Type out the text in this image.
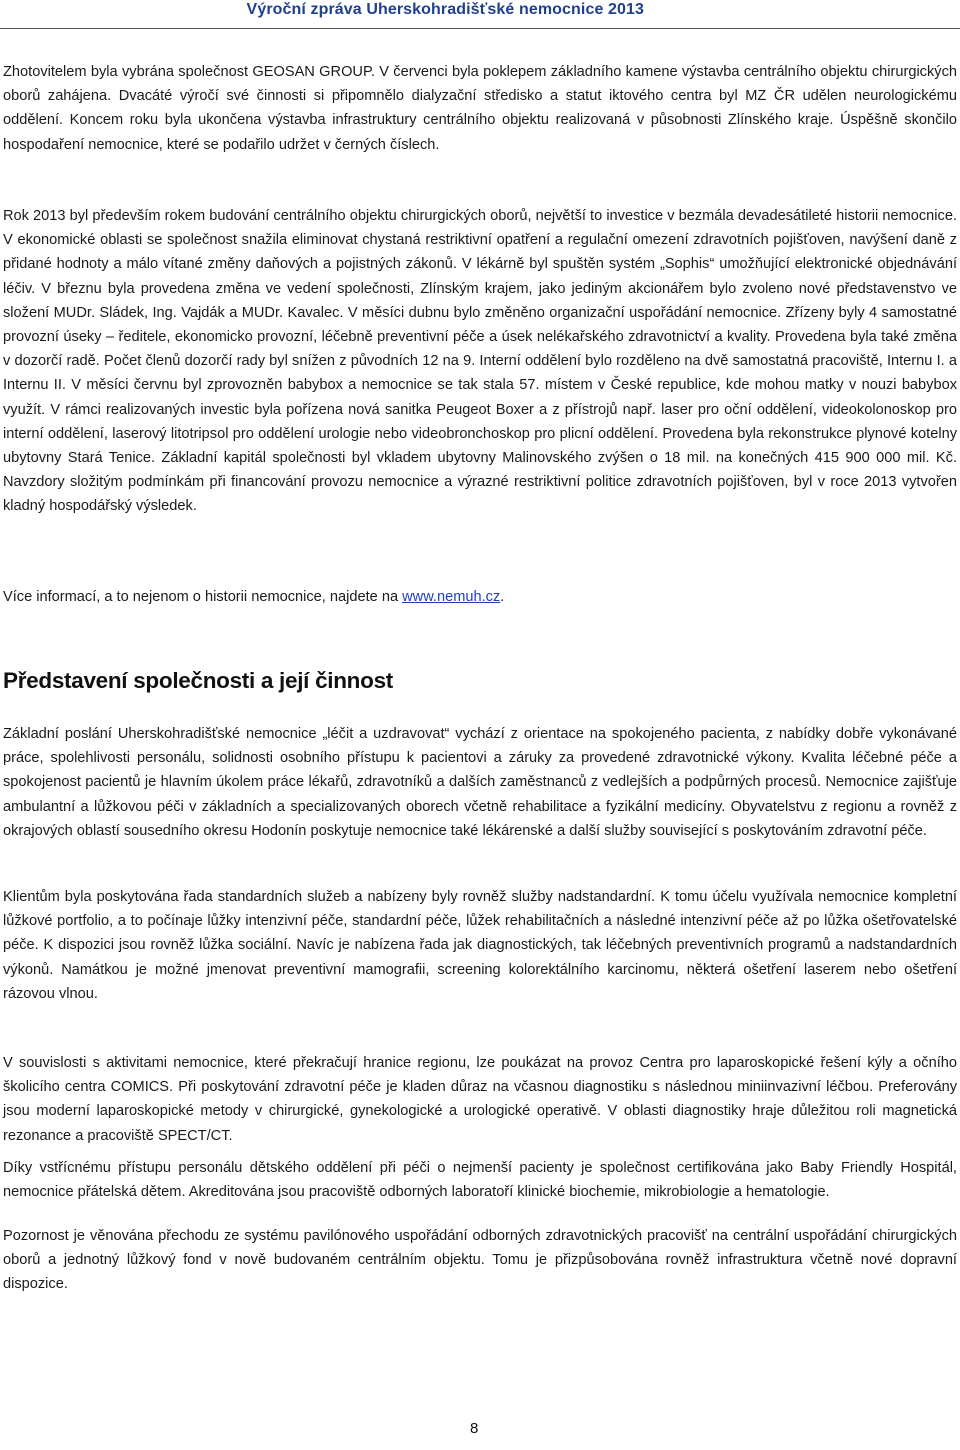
Výroční zpráva Uherskohradišťské nemocnice 2013

Zhotovitelem byla vybrána společnost GEOSAN GROUP. V červenci byla poklepem základního kamene výstavba centrálního objektu chirurgických oborů zahájena. Dvacáté výročí své činnosti si připomnělo dialyzační středisko a statut iktového centra byl MZ ČR udělen neurologickému oddělení. Koncem roku byla ukončena výstavba infrastruktury centrálního objektu realizovaná v působnosti Zlínského kraje. Úspěšně skončilo hospodaření nemocnice, které se podařilo udržet v černých číslech.

Rok 2013 byl především rokem budování centrálního objektu chirurgických oborů, největší to investice v bezmála devadesátileté historii nemocnice. V ekonomické oblasti se společnost snažila eliminovat chystaná restriktivní opatření a regulační omezení zdravotních pojišťoven, navýšení daně z přidané hodnoty a málo vítané změny daňových a pojistných zákonů. V lékárně byl spuštěn systém „Sophis“ umožňující elektronické objednávání léčiv. V březnu byla provedena změna ve vedení společnosti, Zlínským krajem, jako jediným akcionářem bylo zvoleno nové představenstvo ve složení MUDr. Sládek, Ing. Vajdák a MUDr. Kavalec. V měsíci dubnu bylo změněno organizační uspořádání nemocnice. Zřízeny byly 4 samostatné provozní úseky – ředitele, ekonomicko provozní, léčebně preventivní péče a úsek nelékařského zdravotnictví a kvality. Provedena byla také změna v dozorčí radě. Počet členů dozorčí rady byl snížen z původních 12 na 9. Interní oddělení bylo rozděleno na dvě samostatná pracoviště, Internu I. a Internu II. V měsíci červnu byl zprovozněn babybox a nemocnice se tak stala 57. místem v České republice, kde mohou matky v nouzi babybox využít. V rámci realizovaných investic byla pořízena nová sanitka Peugeot Boxer a z přístrojů např. laser pro oční oddělení, videokolonoskop pro interní oddělení, laserový litotripsol pro oddělení urologie nebo videobronchoskop pro plicní oddělení. Provedena byla rekonstrukce plynové kotelny ubytovny Stará Tenice. Základní kapitál společnosti byl vkladem ubytovny Malinovského zvýšen o 18 mil. na konečných 415 900 000 mil. Kč. Navzdory složitým podmínkám při financování provozu nemocnice a výrazné restriktivní politice zdravotních pojišťoven, byl v roce 2013 vytvořen kladný hospodářský výsledek.

Více informací, a to nejenom o historii nemocnice, najdete na www.nemuh.cz.

Představení společnosti a její činnost

Základní poslání Uherskohradišťské nemocnice „léčit a uzdravovat“ vychází z orientace na spokojeného pacienta, z nabídky dobře vykonávané práce, spolehlivosti personálu, solidnosti osobního přístupu k pacientovi a záruky za provedené zdravotnické výkony. Kvalita léčebné péče a spokojenost pacientů je hlavním úkolem práce lékařů, zdravotníků a dalších zaměstnanců z vedlejších a podpůrných procesů. Nemocnice zajišťuje ambulantní a lůžkovou péči v základních a specializovaných oborech včetně rehabilitace a fyzikální medicíny. Obyvatelstvu z regionu a rovněž z okrajových oblastí sousedního okresu Hodonín poskytuje nemocnice také lékárenské a další služby související s poskytováním zdravotní péče.

Klientům byla poskytována řada standardních služeb a nabízeny byly rovněž služby nadstandardní. K tomu účelu využívala nemocnice kompletní lůžkové portfolio, a to počínaje lůžky intenzivní péče, standardní péče, lůžek rehabilitačních a následné intenzivní péče až po lůžka ošetřovatelské péče. K dispozici jsou rovněž lůžka sociální. Navíc je nabízena řada jak diagnostických, tak léčebných preventivních programů a nadstandardních výkonů. Namátkou je možné jmenovat preventivní mamografii, screening kolorektálního karcinomu, některá ošetření laserem nebo ošetření rázovou vlnou.

V souvislosti s aktivitami nemocnice, které překračují hranice regionu, lze poukázat na provoz Centra pro laparoskopické řešení kýly a očního školicího centra COMICS. Při poskytování zdravotní péče je kladen důraz na včasnou diagnostiku s následnou miniinvazivní léčbou. Preferovány jsou moderní laparoskopické metody v chirurgické, gynekologické a urologické operativě. V oblasti diagnostiky hraje důležitou roli magnetická rezonance a pracoviště SPECT/CT.

Díky vstřícnému přístupu personálu dětského oddělení při péči o nejmenší pacienty je společnost certifikována jako Baby Friendly Hospitál, nemocnice přátelská dětem. Akreditována jsou pracoviště odborných laboratoří klinické biochemie, mikrobiologie a hematologie.

Pozornost je věnována přechodu ze systému pavilónového uspořádání odborných zdravotnických pracovišť na centrální uspořádání chirurgických oborů a jednotný lůžkový fond v nově budovaném centrálním objektu. Tomu je přizpůsobována rovněž infrastruktura včetně nové dopravní dispozice.

8
